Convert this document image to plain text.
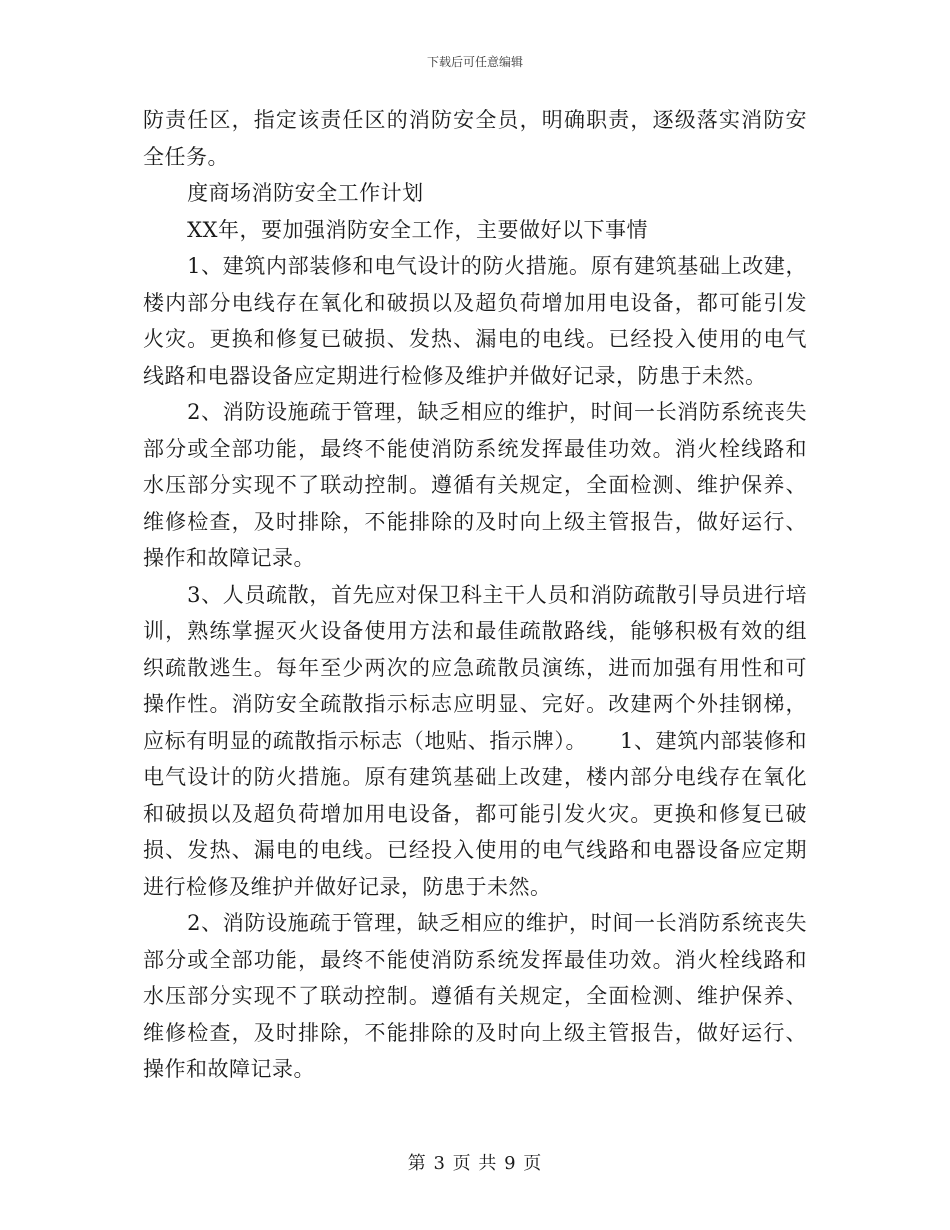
下载后可任意编辑

防责任区，指定该责任区的消防安全员，明确职责，逐级落实消防安全任务。

度商场消防安全工作计划

XX年，要加强消防安全工作，主要做好以下事情

1、建筑内部装修和电气设计的防火措施。原有建筑基础上改建，楼内部分电线存在氧化和破损以及超负荷增加用电设备，都可能引发火灾。更换和修复已破损、发热、漏电的电线。已经投入使用的电气线路和电器设备应定期进行检修及维护并做好记录，防患于未然。

2、消防设施疏于管理，缺乏相应的维护，时间一长消防系统丧失部分或全部功能，最终不能使消防系统发挥最佳功效。消火栓线路和水压部分实现不了联动控制。遵循有关规定，全面检测、维护保养、维修检查，及时排除，不能排除的及时向上级主管报告，做好运行、操作和故障记录。

3、人员疏散，首先应对保卫科主干人员和消防疏散引导员进行培训，熟练掌握灭火设备使用方法和最佳疏散路线，能够积极有效的组织疏散逃生。每年至少两次的应急疏散员演练，进而加强有用性和可操作性。消防安全疏散指示标志应明显、完好。改建两个外挂钢梯，应标有明显的疏散指示标志（地贴、指示牌）。　　1、建筑内部装修和电气设计的防火措施。原有建筑基础上改建，楼内部分电线存在氧化和破损以及超负荷增加用电设备，都可能引发火灾。更换和修复已破损、发热、漏电的电线。已经投入使用的电气线路和电器设备应定期进行检修及维护并做好记录，防患于未然。

2、消防设施疏于管理，缺乏相应的维护，时间一长消防系统丧失部分或全部功能，最终不能使消防系统发挥最佳功效。消火栓线路和水压部分实现不了联动控制。遵循有关规定，全面检测、维护保养、维修检查，及时排除，不能排除的及时向上级主管报告，做好运行、操作和故障记录。

第 3 页 共 9 页
